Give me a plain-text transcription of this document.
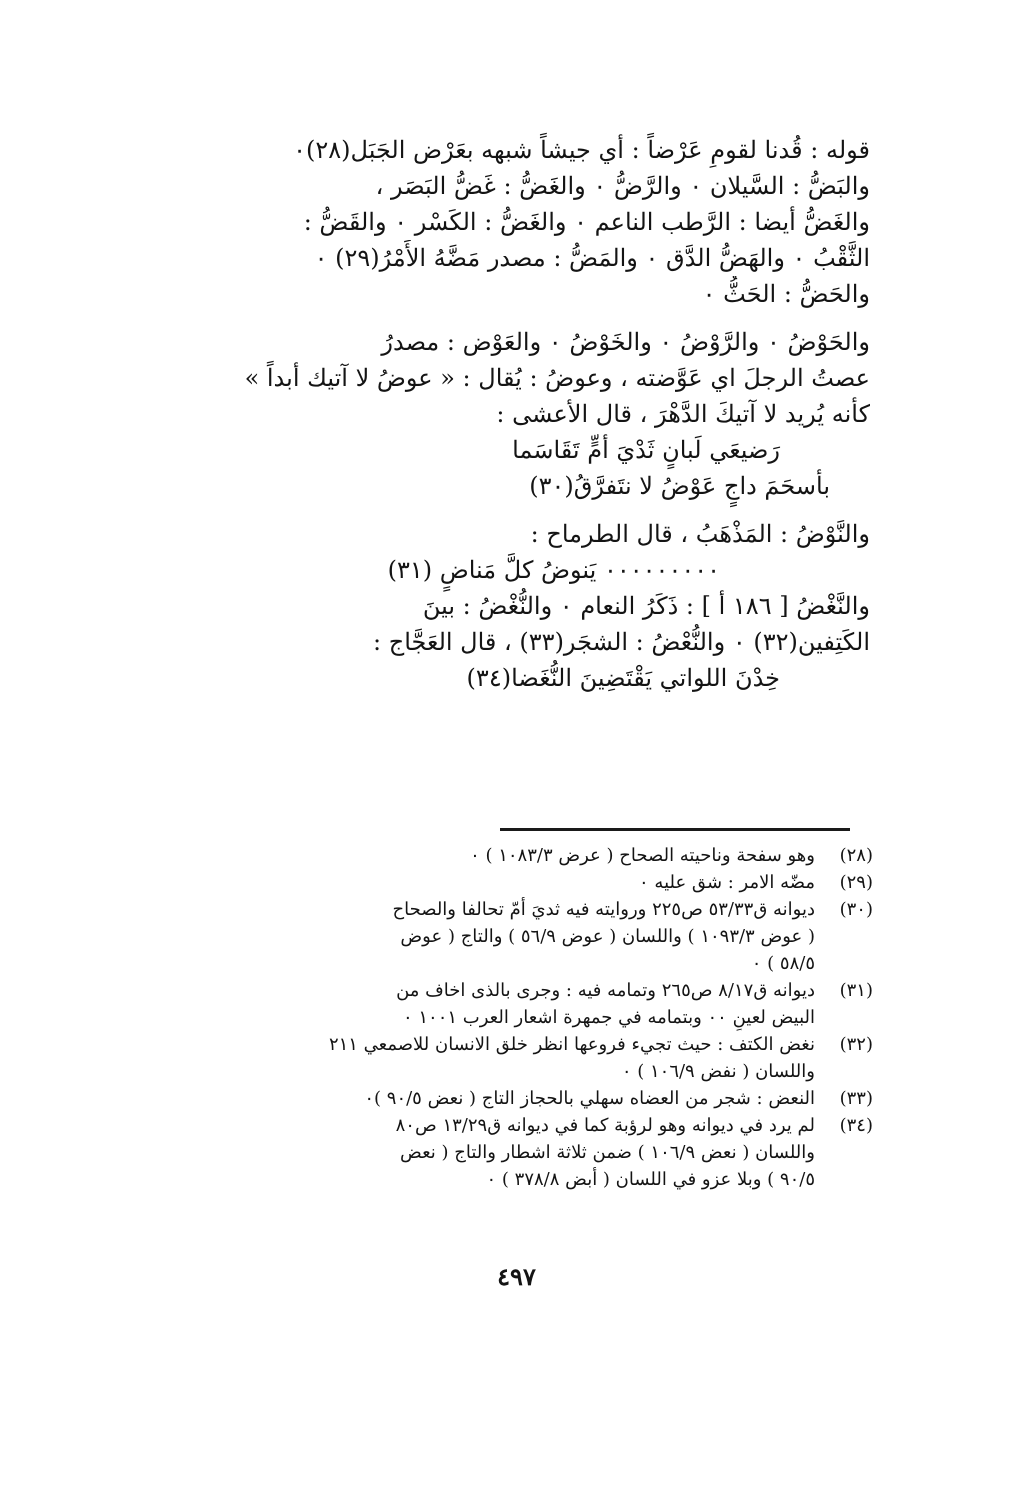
قوله : قُدنا لقومٍ عَرْضاً : أي جيشاً شبهه بعَرْض الجَبَل(٢٨)٠
والبَضُّ : السَّيلان ٠ والرَّضُّ ٠ والغَضُّ : غَضُّ البَصَر ،
والغَضُّ أيضا : الرَّطب الناعم ٠ والغَضُّ : الكَسْر ٠ والقَضُّ :
الثَّقْبُ ٠ والهَضُّ الدَّق ٠ والمَضُّ : مصدر مَضَّهُ الأَمْرُ(٢٩) ٠
والحَضُّ : الحَثُّ ٠
والحَوْضُ ٠ والرَّوْضُ ٠ والخَوْضُ ٠ والعَوْض : مصدرُ
عصتُ الرجلَ اي عَوَّضته ، وعوضُ : يُقال : « عوضُ لا آتيك أبداً »
كأنه يُريد لا آتيكَ الدَّهْرَ ، قال الأعشى :
رَضيعَي لَبانٍ ثَدْيَ أمٍّ تَقَاسَما
بأسحَمَ داجٍ عَوْضُ لا نتَفرَّقُ(٣٠)
والنَّوْضُ : المَذْهَبُ ، قال الطرماح :
٠٠٠٠٠٠٠٠٠ يَنوضُ كلَّ مَناضٍ (٣١)
والنَّغْضُ [ ١٨٦ أ ] : ذَكَرُ النعام ٠ والنُّغْضُ : بينَ
الكَتِفين(٣٢) ٠ والنُّعْضُ : الشجَر(٣٣) ، قال العَجَّاج :
خِدْنَ اللواتي يَقْتَضِينَ النُّغَضا(٣٤)
(٢٨)
وهو سفحة وناحيته الصحاح ( عرض ١٠٨٣/٣ ) ٠
(٢٩)
مضّه الامر : شق عليه ٠
(٣٠)
ديوانه ق٥٣/٣٣ ص٢٢٥ وروايته فيه ثديَ أمّ تحالفا والصحاح
( عوض ١٠٩٣/٣ ) واللسان ( عوض ٥٦/٩ ) والتاج ( عوض
٥٨/٥ ) ٠
(٣١)
ديوانه ق٨/١٧ ص٢٦٥ وتمامه فيه : وجرى بالذى اخاف من
البيض لعينٍ ٠٠ وبتمامه في جمهرة اشعار العرب ١٠٠١ ٠
(٣٢)
نغض الكتف : حيث تجيء فروعها انظر خلق الانسان للاصمعي ٢١١
واللسان ( نفض ١٠٦/٩ ) ٠
(٣٣)
النعض : شجر من العضاه سهلي بالحجاز التاج ( نعض ٩٠/٥ )٠
(٣٤)
لم يرد في ديوانه وهو لرؤبة كما في ديوانه ق١٣/٢٩ ص٨٠
واللسان ( نعض ١٠٦/٩ ) ضمن ثلاثة اشطار والتاج ( نعض
٩٠/٥ ) وبلا عزو في اللسان ( أبض ٣٧٨/٨ ) ٠
٤٩٧
